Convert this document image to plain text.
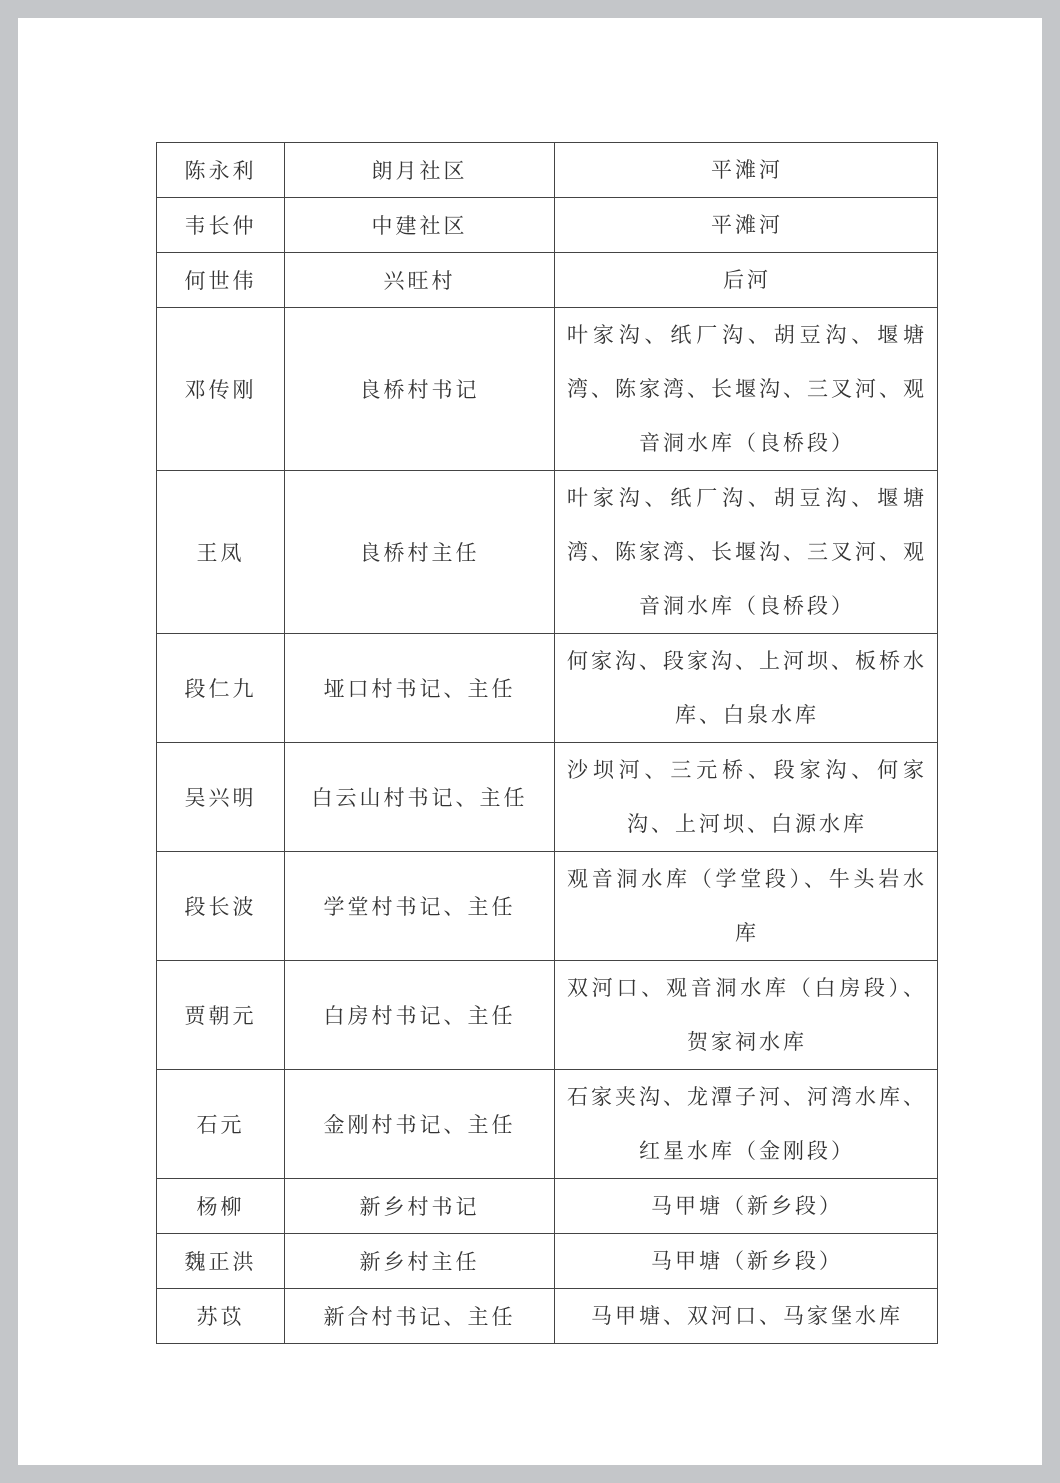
陈永利	朗月社区	平滩河
韦长仲	中建社区	平滩河
何世伟	兴旺村	后河
邓传刚	良桥村书记	叶家沟、纸厂沟、胡豆沟、堰塘湾、陈家湾、长堰沟、三叉河、观音洞水库（良桥段）
王凤	良桥村主任	叶家沟、纸厂沟、胡豆沟、堰塘湾、陈家湾、长堰沟、三叉河、观音洞水库（良桥段）
段仁九	垭口村书记、主任	何家沟、段家沟、上河坝、板桥水库、白泉水库
吴兴明	白云山村书记、主任	沙坝河、三元桥、段家沟、何家沟、上河坝、白源水库
段长波	学堂村书记、主任	观音洞水库（学堂段）、牛头岩水库
贾朝元	白房村书记、主任	双河口、观音洞水库（白房段）、贺家祠水库
石元	金刚村书记、主任	石家夹沟、龙潭子河、河湾水库、红星水库（金刚段）
杨柳	新乡村书记	马甲塘（新乡段）
魏正洪	新乡村主任	马甲塘（新乡段）
苏苡	新合村书记、主任	马甲塘、双河口、马家堡水库
